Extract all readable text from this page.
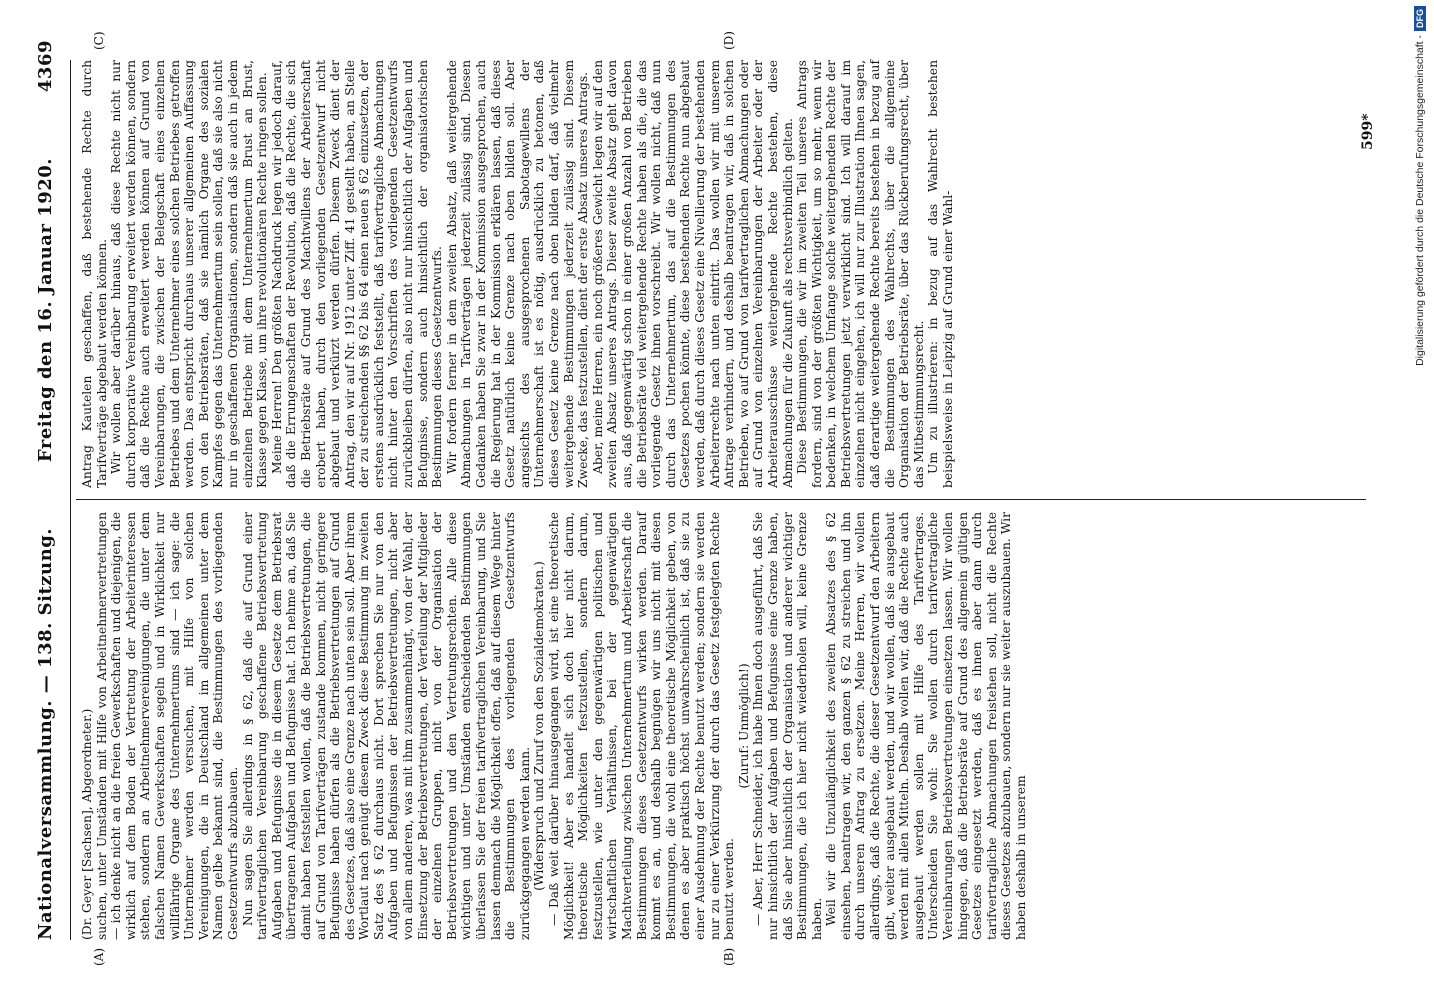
Nationalversammlung. — 138. Sitzung.
Freitag den 16. Januar 1920.
4369
(A)	(B)
(C)	(D)

(Dr. Geyer [Sachsen], Abgeordneter.) suchen, unter Umständen mit Hilfe von Arbeitnehmervertretungen — ich denke nicht an die freien Gewerkschaften und diejenigen, die wirklich auf dem Boden der Vertretung der Arbeiterinteressen stehen, sondern an Arbeitnehmervereinigungen, die unter dem falschen Namen Gewerkschaften segeln und in Wirklichkeit nur willfährige Organe des Unternehmertums sind — ich sage: die Unternehmer werden versuchen, mit Hilfe von solchen Vereinigungen, die in Deutschland im allgemeinen unter dem Namen gelbe bekannt sind, die Bestimmungen des vorliegenden Gesetzentwurfs abzubauen. Nun sagen Sie allerdings in § 62, daß die auf Grund einer tarifvertraglichen Vereinbarung geschaffene Betriebsvertretung Aufgaben und Befugnisse die in diesem Gesetze dem Betriebsrat übertragenen Aufgaben und Befugnisse hat. Ich nehme an, daß Sie damit haben feststellen wollen, daß die Betriebsvertretungen, die auf Grund von Tarifverträgen zustande kommen, nicht geringere Befugnisse haben dürfen als die Betriebsvertretungen auf Grund des Gesetzes, daß also eine Grenze nach unten sein soll. Aber ihrem Wortlaut nach genügt diesem Zweck diese Bestimmung im zweiten Satz des § 62 durchaus nicht. Dort sprechen Sie nur von den Aufgaben und Befugnissen der Betriebsvertretungen, nicht aber von allem anderen, was mit ihm zusammenhängt, von der Wahl, der Einsetzung der Betriebsvertretungen, der Verteilung der Mitglieder der einzelnen Gruppen, nicht von der Organisation der Betriebsvertretungen und den Vertretungsrechten. Alle diese wichtigen und unter Umständen entscheidenden Bestimmungen überlassen Sie der freien tarifvertraglichen Vereinbarung, und Sie lassen demnach die Möglichkeit offen, daß auf diesem Wege hinter die Bestimmungen des vorliegenden Gesetzentwurfs zurückgegangen werden kann. (Widerspruch und Zuruf von den Sozialdemokraten.) — Daß weit darüber hinausgegangen wird, ist eine theoretische Möglichkeit! Aber es handelt sich doch hier nicht darum, theoretische Möglichkeiten festzustellen, sondern darum, festzustellen, wie unter den gegenwärtigen politischen und wirtschaftlichen Verhältnissen, bei der gegenwärtigen Machtverteilung zwischen Unternehmertum und Arbeiterschaft die Bestimmungen dieses Gesetzentwurfs wirken werden. Darauf kommt es an, und deshalb begnügen wir uns nicht mit diesen Bestimmungen, die wohl eine theoretische Möglichkeit geben, von denen es aber praktisch höchst unwahrscheinlich ist, daß sie zu einer Ausdehnung der Rechte benutzt werden; sondern sie werden nur zu einer Verkürzung der durch das Gesetz festgelegten Rechte benutzt werden.

(Zuruf: Unmöglich!) — Aber, Herr Schneider, ich habe Ihnen doch ausgeführt, daß Sie nur hinsichtlich der Aufgaben und Befugnisse eine Grenze haben, daß Sie aber hinsichtlich der Organisation und anderer wichtiger Bestimmungen, die ich hier nicht wiederholen will, keine Grenze haben. Weil wir die Unzulänglichkeit des zweiten Absatzes des § 62 einsehen, beantragen wir, den ganzen § 62 zu streichen und ihn durch unseren Antrag zu ersetzen. Meine Herren, wir wollen allerdings, daß die Rechte, die dieser Gesetzentwurf den Arbeitern gibt, weiter ausgebaut werden, und wir wollen, daß sie ausgebaut werden mit allen Mitteln. Deshalb wollen wir, daß die Rechte auch ausgebaut werden sollen mit Hilfe des Tarifvertrages. Unterscheiden Sie wohl: Sie wollen durch tarifvertragliche Vereinbarungen Betriebsvertretungen einsetzen lassen. Wir wollen hingegen, daß die Betriebsräte auf Grund des allgemein gültigen Gesetzes eingesetzt werden, daß es ihnen aber dann durch tarifvertragliche Abmachungen freistehen soll, nicht die Rechte dieses Gesetzes abzubauen, sondern nur sie weiter auszubauen. Wir haben deshalb in unserem

Antrag Kautelen geschaffen, daß bestehende Rechte durch Tarifverträge abgebaut werden können. Wir wollen aber darüber hinaus, daß diese Rechte nicht nur durch korporative Vereinbarung erweitert werden können, sondern daß die Rechte auch erweitert werden können auf Grund von Vereinbarungen, die zwischen der Belegschaft eines einzelnen Betriebes und dem Unternehmer eines solchen Betriebes getroffen werden. Das entspricht durchaus unserer allgemeinen Auffassung von den Betriebsräten, daß sie nämlich Organe des sozialen Kampfes gegen das Unternehmertum sein sollen, daß sie also nicht nur in geschaffenen Organisationen, sondern daß sie auch in jedem einzelnen Betriebe mit dem Unternehmertum Brust an Brust, Klasse gegen Klasse, um ihre revolutionären Rechte ringen sollen. Meine Herren! Den größten Nachdruck legen wir jedoch darauf, daß die Errungenschaften der Revolution, daß die Rechte, die sich die Betriebsräte auf Grund des Machtwillens der Arbeiterschaft erobert haben, durch den vorliegenden Gesetzentwurf nicht abgebaut und verkürzt werden dürfen. Diesem Zweck dient der Antrag, den wir auf Nr. 1912 unter Ziff. 41 gestellt haben, an Stelle der zu streichenden §§ 62 bis 64 einen neuen § 62 einzusetzen, der erstens ausdrücklich feststellt, daß tarifvertragliche Abmachungen nicht hinter den Vorschriften des vorliegenden Gesetzentwurfs zurückbleiben dürfen, also nicht nur hinsichtlich der Aufgaben und Befugnisse, sondern auch hinsichtlich der organisatorischen Bestimmungen dieses Gesetzentwurfs. Wir fordern ferner in dem zweiten Absatz, daß weitergehende Abmachungen in Tarifverträgen jederzeit zulässig sind. Diesen Gedanken haben Sie zwar in der Kommission ausgesprochen, auch die Regierung hat in der Kommission erklären lassen, daß dieses Gesetz natürlich keine Grenze nach oben bilden soll. Aber angesichts des ausgesprochenen Sabotagewillens der Unternehmerschaft ist es nötig, ausdrücklich zu betonen, daß dieses Gesetz keine Grenze nach oben bilden darf, daß vielmehr weitergehende Bestimmungen jederzeit zulässig sind. Diesem Zwecke, das festzustellen, dient der erste Absatz unseres Antrags. Aber, meine Herren, ein noch größeres Gewicht legen wir auf den zweiten Absatz unseres Antrags. Dieser zweite Absatz geht davon aus, daß gegenwärtig schon in einer großen Anzahl von Betrieben die Betriebsräte viel weitergehende Rechte haben als die, die das vorliegende Gesetz ihnen vorschreibt. Wir wollen nicht, daß nun durch das Unternehmertum, das auf die Bestimmungen des Gesetzes pochen könnte, diese bestehenden Rechte nun abgebaut werden, daß durch dieses Gesetz eine Nivellierung der bestehenden Arbeiterrechte nach unten eintritt. Das wollen wir mit unserem Antrage verhindern, und deshalb beantragen wir, daß in solchen Betrieben, wo auf Grund von tarifvertraglichen Abmachungen oder auf Grund von einzelnen Vereinbarungen der Arbeiter oder der Arbeiterausschüsse weitergehende Rechte bestehen, diese Abmachungen für die Zukunft als rechtsverbindlich gelten. Diese Bestimmungen, die wir im zweiten Teil unseres Antrags fordern, sind von der größten Wichtigkeit, um so mehr, wenn wir bedenken, in welchem Umfange solche weitergehenden Rechte der Betriebsvertretungen jetzt verwirklicht sind. Ich will darauf im einzelnen nicht eingehen, ich will nur zur Illustration Ihnen sagen, daß derartige weitergehende Rechte bereits bestehen in bezug auf die Bestimmungen des Wahlrechts, über die allgemeine Organisation der Betriebsräte, über das Rückberufungsrecht, über das Mitbestimmungsrecht. Um zu illustrieren: in bezug auf das Wahlrecht bestehen beispielsweise in Leipzig auf Grund einer Wahl-

599*	Digitalisierung gefördert durch die Deutsche Forschungsgemeinschaft -
DFG
